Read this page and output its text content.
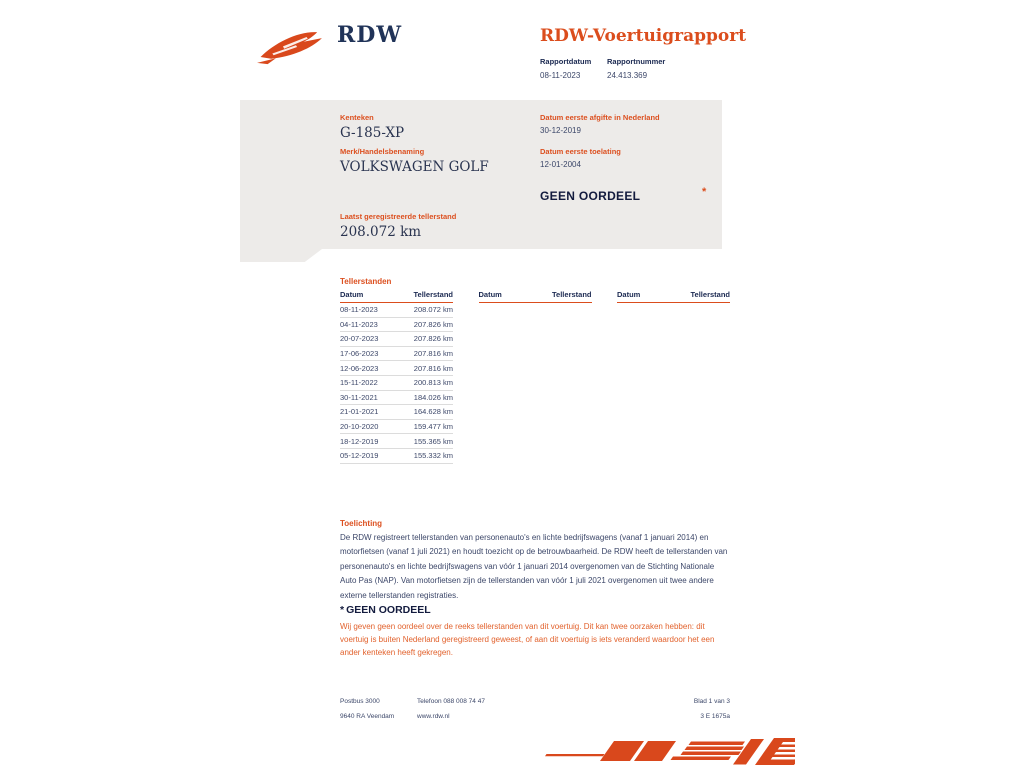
RDW	RDW-Voertuigrapport
Rapportdatum	Rapportnummer
08-11-2023	24.413.369
Kenteken
G-185-XP
Merk/Handelsbenaming
VOLKSWAGEN GOLF
Laatst geregistreerde tellerstand
208.072 km
Datum eerste afgifte in Nederland
30-12-2019
Datum eerste toelating
12-01-2004
GEEN OORDEEL	*
Tellerstanden
Datum	Tellerstand
08-11-2023	208.072 km
04-11-2023	207.826 km
20-07-2023	207.826 km
17-06-2023	207.816 km
12-06-2023	207.816 km
15-11-2022	200.813 km
30-11-2021	184.026 km
21-01-2021	164.628 km
20-10-2020	159.477 km
18-12-2019	155.365 km
05-12-2019	155.332 km
Datum	Tellerstand	Datum	Tellerstand
Toelichting
De RDW registreert tellerstanden van personenauto's en lichte bedrijfswagens (vanaf 1 januari 2014) en motorfietsen (vanaf 1 juli 2021) en houdt toezicht op de betrouwbaarheid. De RDW heeft de tellerstanden van personenauto's en lichte bedrijfswagens van vóór 1 januari 2014 overgenomen van de Stichting Nationale Auto Pas (NAP). Van motorfietsen zijn de tellerstanden van vóór 1 juli 2021 overgenomen uit twee andere externe tellerstanden registraties.
* GEEN OORDEEL
Wij geven geen oordeel over de reeks tellerstanden van dit voertuig. Dit kan twee oorzaken hebben: dit voertuig is buiten Nederland geregistreerd geweest, of aan dit voertuig is iets veranderd waardoor het een ander kenteken heeft gekregen.
Postbus 3000	Telefoon 088 008 74 47	Blad 1 van 3
9640 RA Veendam	www.rdw.nl	3 E 1675a
